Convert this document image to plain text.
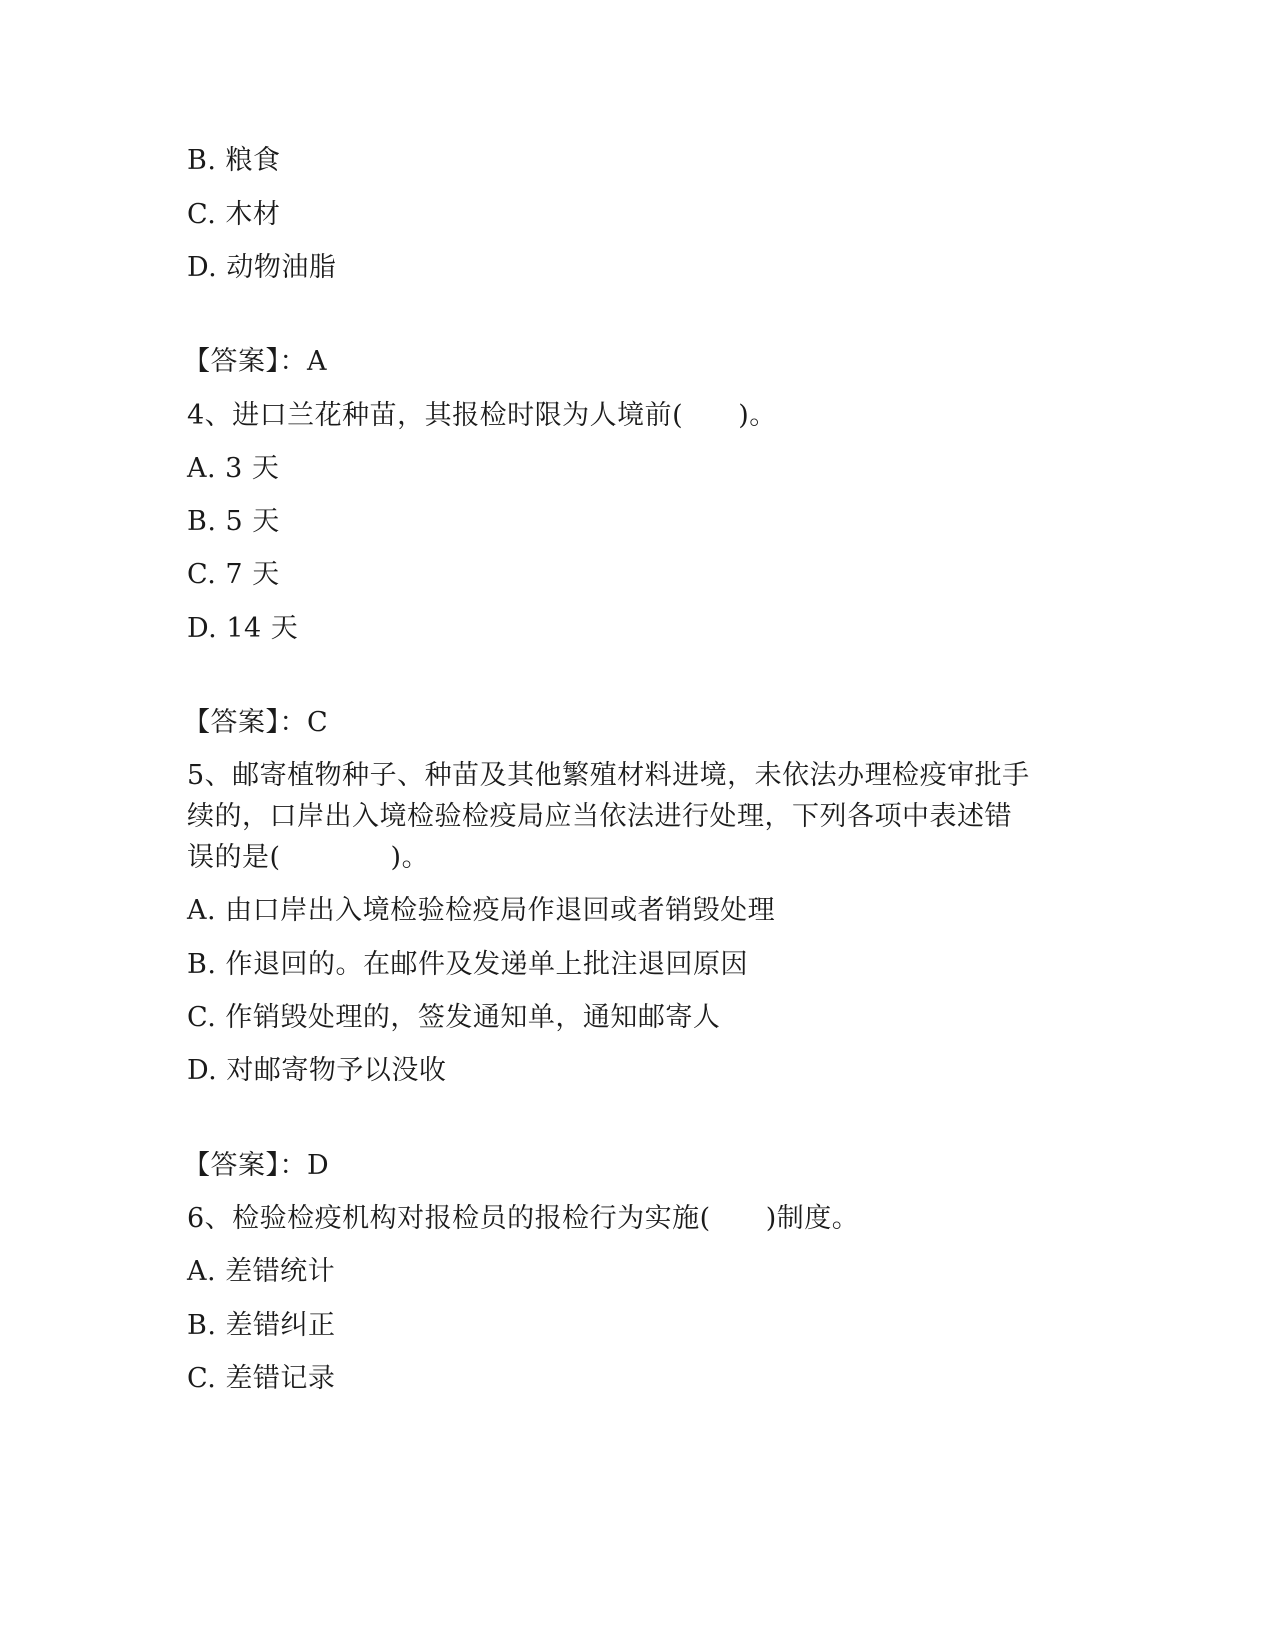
B. 粮食
C. 木材
D. 动物油脂
【答案】：A
4、进口兰花种苗，其报检时限为人境前(　　)。
A. 3 天
B. 5 天
C. 7 天
D. 14 天
【答案】：C
5、邮寄植物种子、种苗及其他繁殖材料进境，未依法办理检疫审批手
续的，口岸出入境检验检疫局应当依法进行处理，下列各项中表述错
误的是(　　　　)。
A. 由口岸出入境检验检疫局作退回或者销毁处理
B. 作退回的。在邮件及发递单上批注退回原因
C. 作销毁处理的，签发通知单，通知邮寄人
D. 对邮寄物予以没收
【答案】：D
6、检验检疫机构对报检员的报检行为实施(　　)制度。
A. 差错统计
B. 差错纠正
C. 差错记录
